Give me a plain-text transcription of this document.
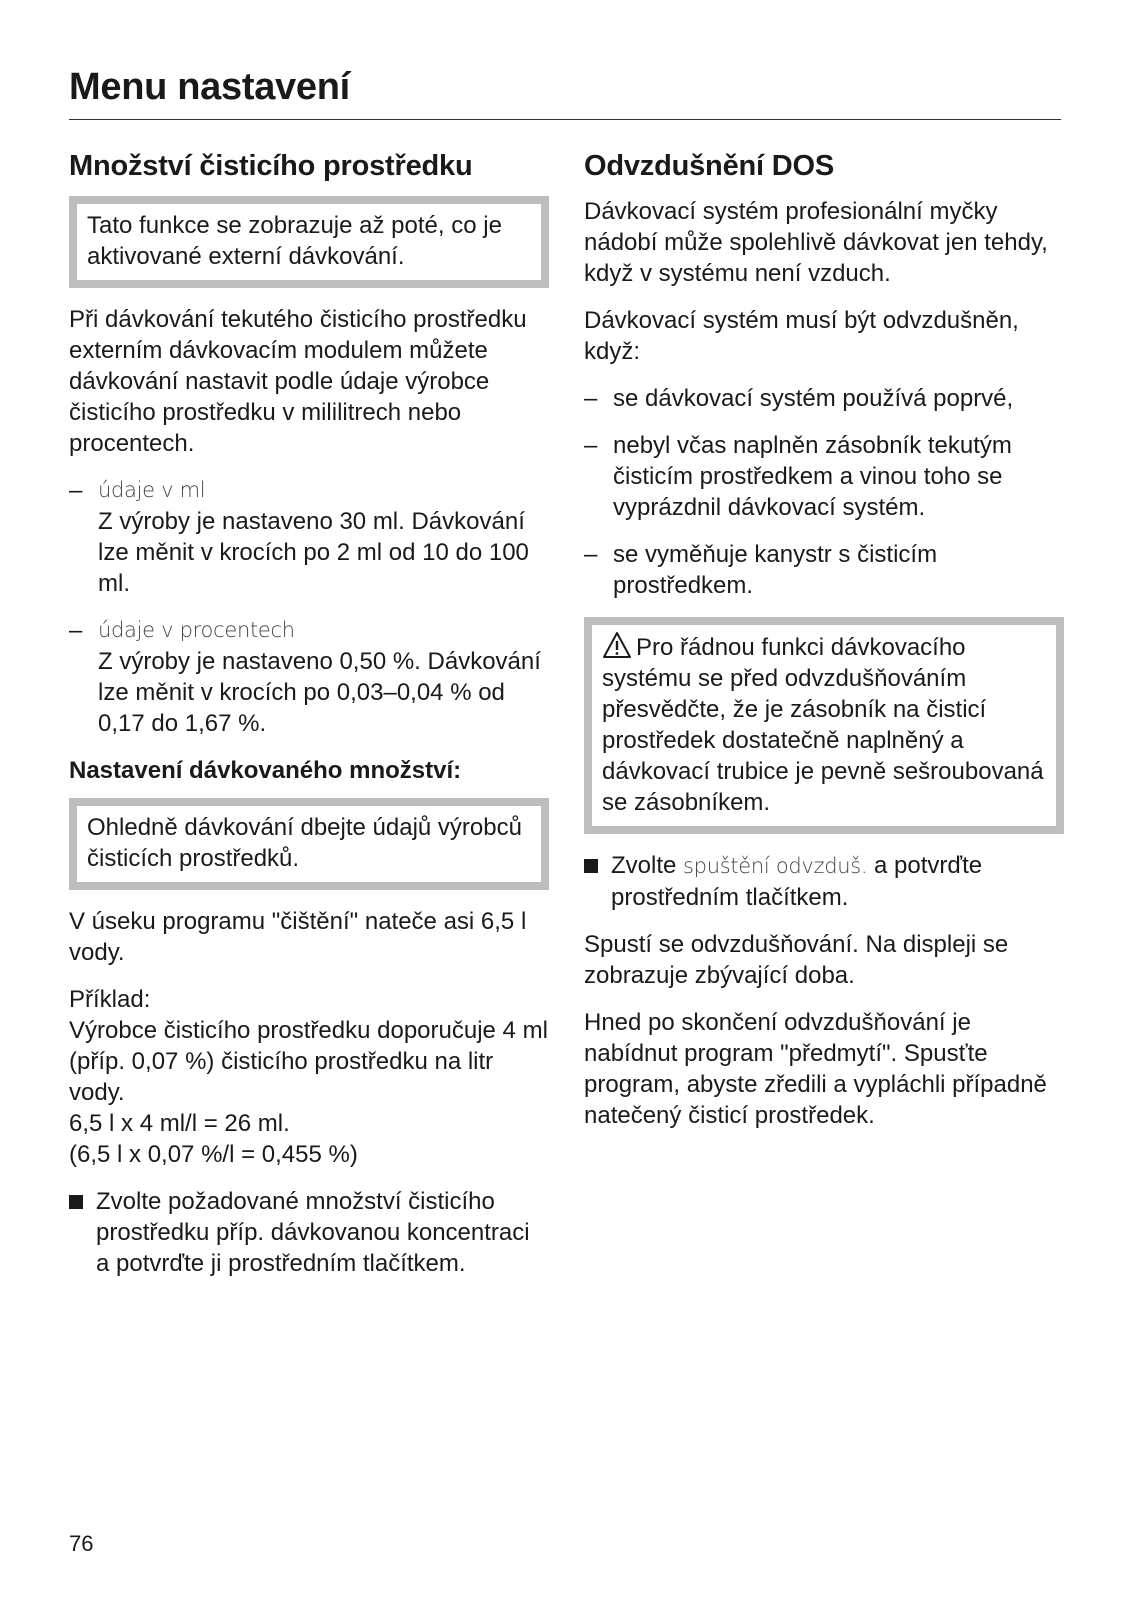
Menu nastavení
Množství čisticího prostředku
Tato funkce se zobrazuje až poté, co je aktivované externí dávkování.

Při dávkování tekutého čisticího prostředku externím dávkovacím modulem můžete dávkování nastavit podle údaje výrobce čisticího prostředku v mililitrech nebo procentech.

– údaje v ml
Z výroby je nastaveno 30 ml. Dávkování lze měnit v krocích po 2 ml od 10 do 100 ml.
– údaje v procentech
Z výroby je nastaveno 0,50 %. Dávkování lze měnit v krocích po 0,03–0,04 % od 0,17 do 1,67 %.
Nastavení dávkovaného množství:
Ohledně dávkování dbejte údajů výrobců čisticích prostředků.

V úseku programu "čištění" nateče asi 6,5 l vody.

Příklad:
Výrobce čisticího prostředku doporučuje 4 ml (příp. 0,07 %) čisticího prostředku na litr vody.
6,5 l x 4 ml/l = 26 ml.
(6,5 l x 0,07 %/l = 0,455 %)

Zvolte požadované množství čisticího prostředku příp. dávkovanou koncentraci a potvrďte ji prostředním tlačítkem.
Odvzdušnění DOS

Dávkovací systém profesionální myčky nádobí může spolehlivě dávkovat jen tehdy, když v systému není vzduch.

Dávkovací systém musí být odvzdušněn, když:

– se dávkovací systém používá poprvé,
– nebyl včas naplněn zásobník tekutým čisticím prostředkem a vinou toho se vyprázdnil dávkovací systém.
– se vyměňuje kanystr s čisticím prostředkem.
Pro řádnou funkci dávkovacího systému se před odvzdušňováním přesvědčte, že je zásobník na čisticí prostředek dostatečně naplněný a dávkovací trubice je pevně sešroubovaná se zásobníkem.
Zvolte spuštění odvzduš. a potvrďte prostředním tlačítkem.

Spustí se odvzdušňování. Na displeji se zobrazuje zbývající doba.

Hned po skončení odvzdušňování je nabídnut program "předmytí". Spusťte program, abyste zředili a vypláchli případně natečený čisticí prostředek.

76
